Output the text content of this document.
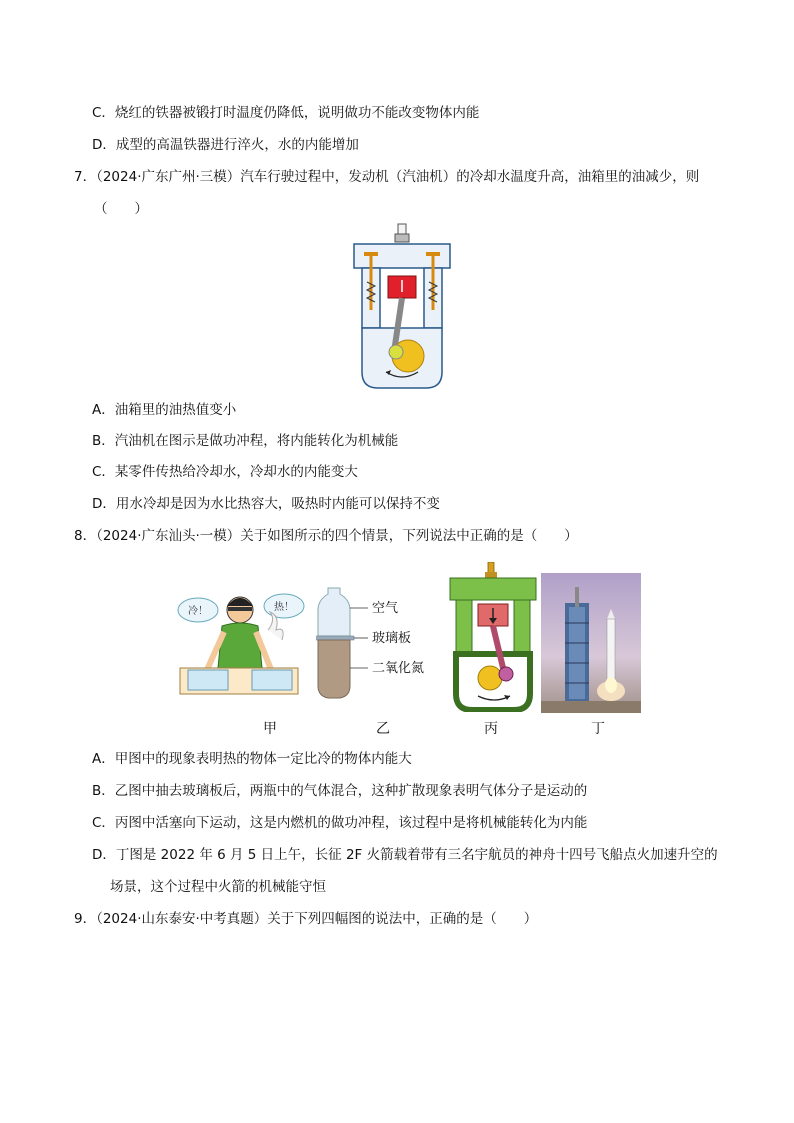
C．烧红的铁器被锻打时温度仍降低，说明做功不能改变物体内能
D．成型的高温铁器进行淬火，水的内能增加
7．（2024·广东广州·三模）汽车行驶过程中，发动机（汽油机）的冷却水温度升高，油箱里的油减少，则
（　　）
A．油箱里的油热值变小
B．汽油机在图示是做功冲程，将内能转化为机械能
C．某零件传热给冷却水，冷却水的内能变大
D．用水冷却是因为水比热容大，吸热时内能可以保持不变
8．（2024·广东汕头·一模）关于如图所示的四个情景，下列说法中正确的是（　　）
冷！	热！	空气
玻璃板
二氧化氮
甲	乙	丙	丁
A．甲图中的现象表明热的物体一定比冷的物体内能大
B．乙图中抽去玻璃板后，两瓶中的气体混合，这种扩散现象表明气体分子是运动的
C．丙图中活塞向下运动，这是内燃机的做功冲程，该过程中是将机械能转化为内能
D．丁图是 2022 年 6 月 5 日上午，长征 2F 火箭载着带有三名宇航员的神舟十四号飞船点火加速升空的
场景，这个过程中火箭的机械能守恒
9．（2024·山东泰安·中考真题）关于下列四幅图的说法中，正确的是（　　）
